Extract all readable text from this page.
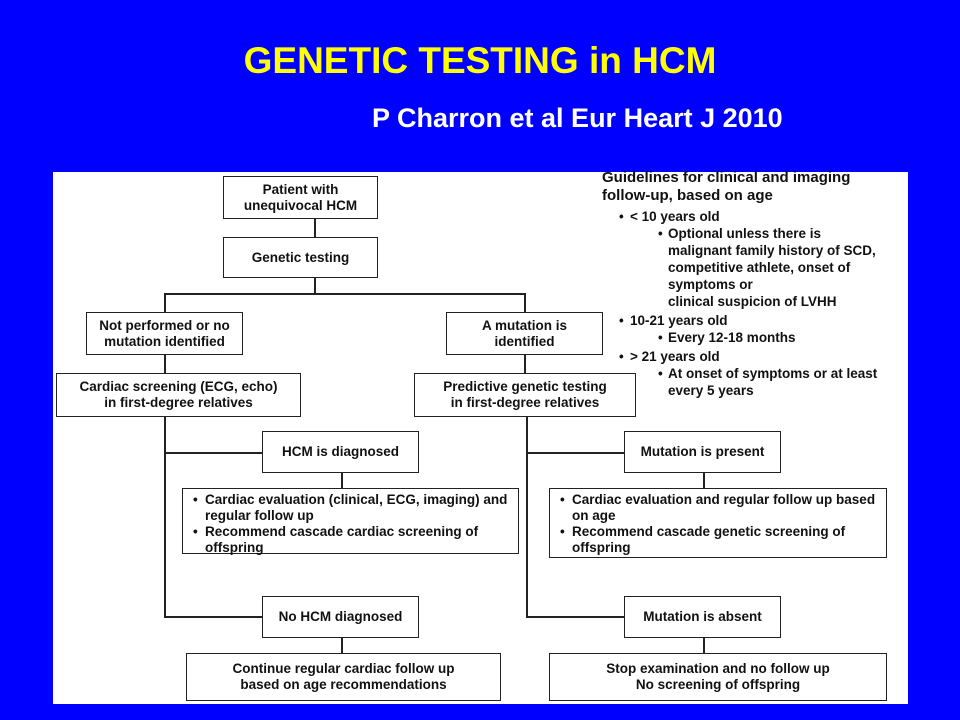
GENETIC TESTING in HCM
P Charron et al Eur Heart J 2010
Patient with
unequivocal HCM
Genetic testing
Not performed or no
mutation identified
A mutation is
identified
Cardiac screening (ECG, echo)
in first-degree relatives
Predictive genetic testing
in first-degree relatives
HCM is diagnosed	Mutation is present
• Cardiac evaluation (clinical, ECG, imaging) and regular follow up
• Recommend cascade cardiac screening of offspring
• Cardiac evaluation and regular follow up based on age
• Recommend cascade genetic screening of offspring
No HCM diagnosed	Mutation is absent
Continue regular cardiac follow up
based on age recommendations
Stop examination and no follow up
No screening of offspring
Guidelines for clinical and imaging
follow-up, based on age
• < 10 years old
• Optional unless there is
malignant family history of SCD,
competitive athlete, onset of
symptoms or
clinical suspicion of LVHH
• 10-21 years old
• Every 12-18 months
• > 21 years old
• At onset of symptoms or at least
every 5 years
